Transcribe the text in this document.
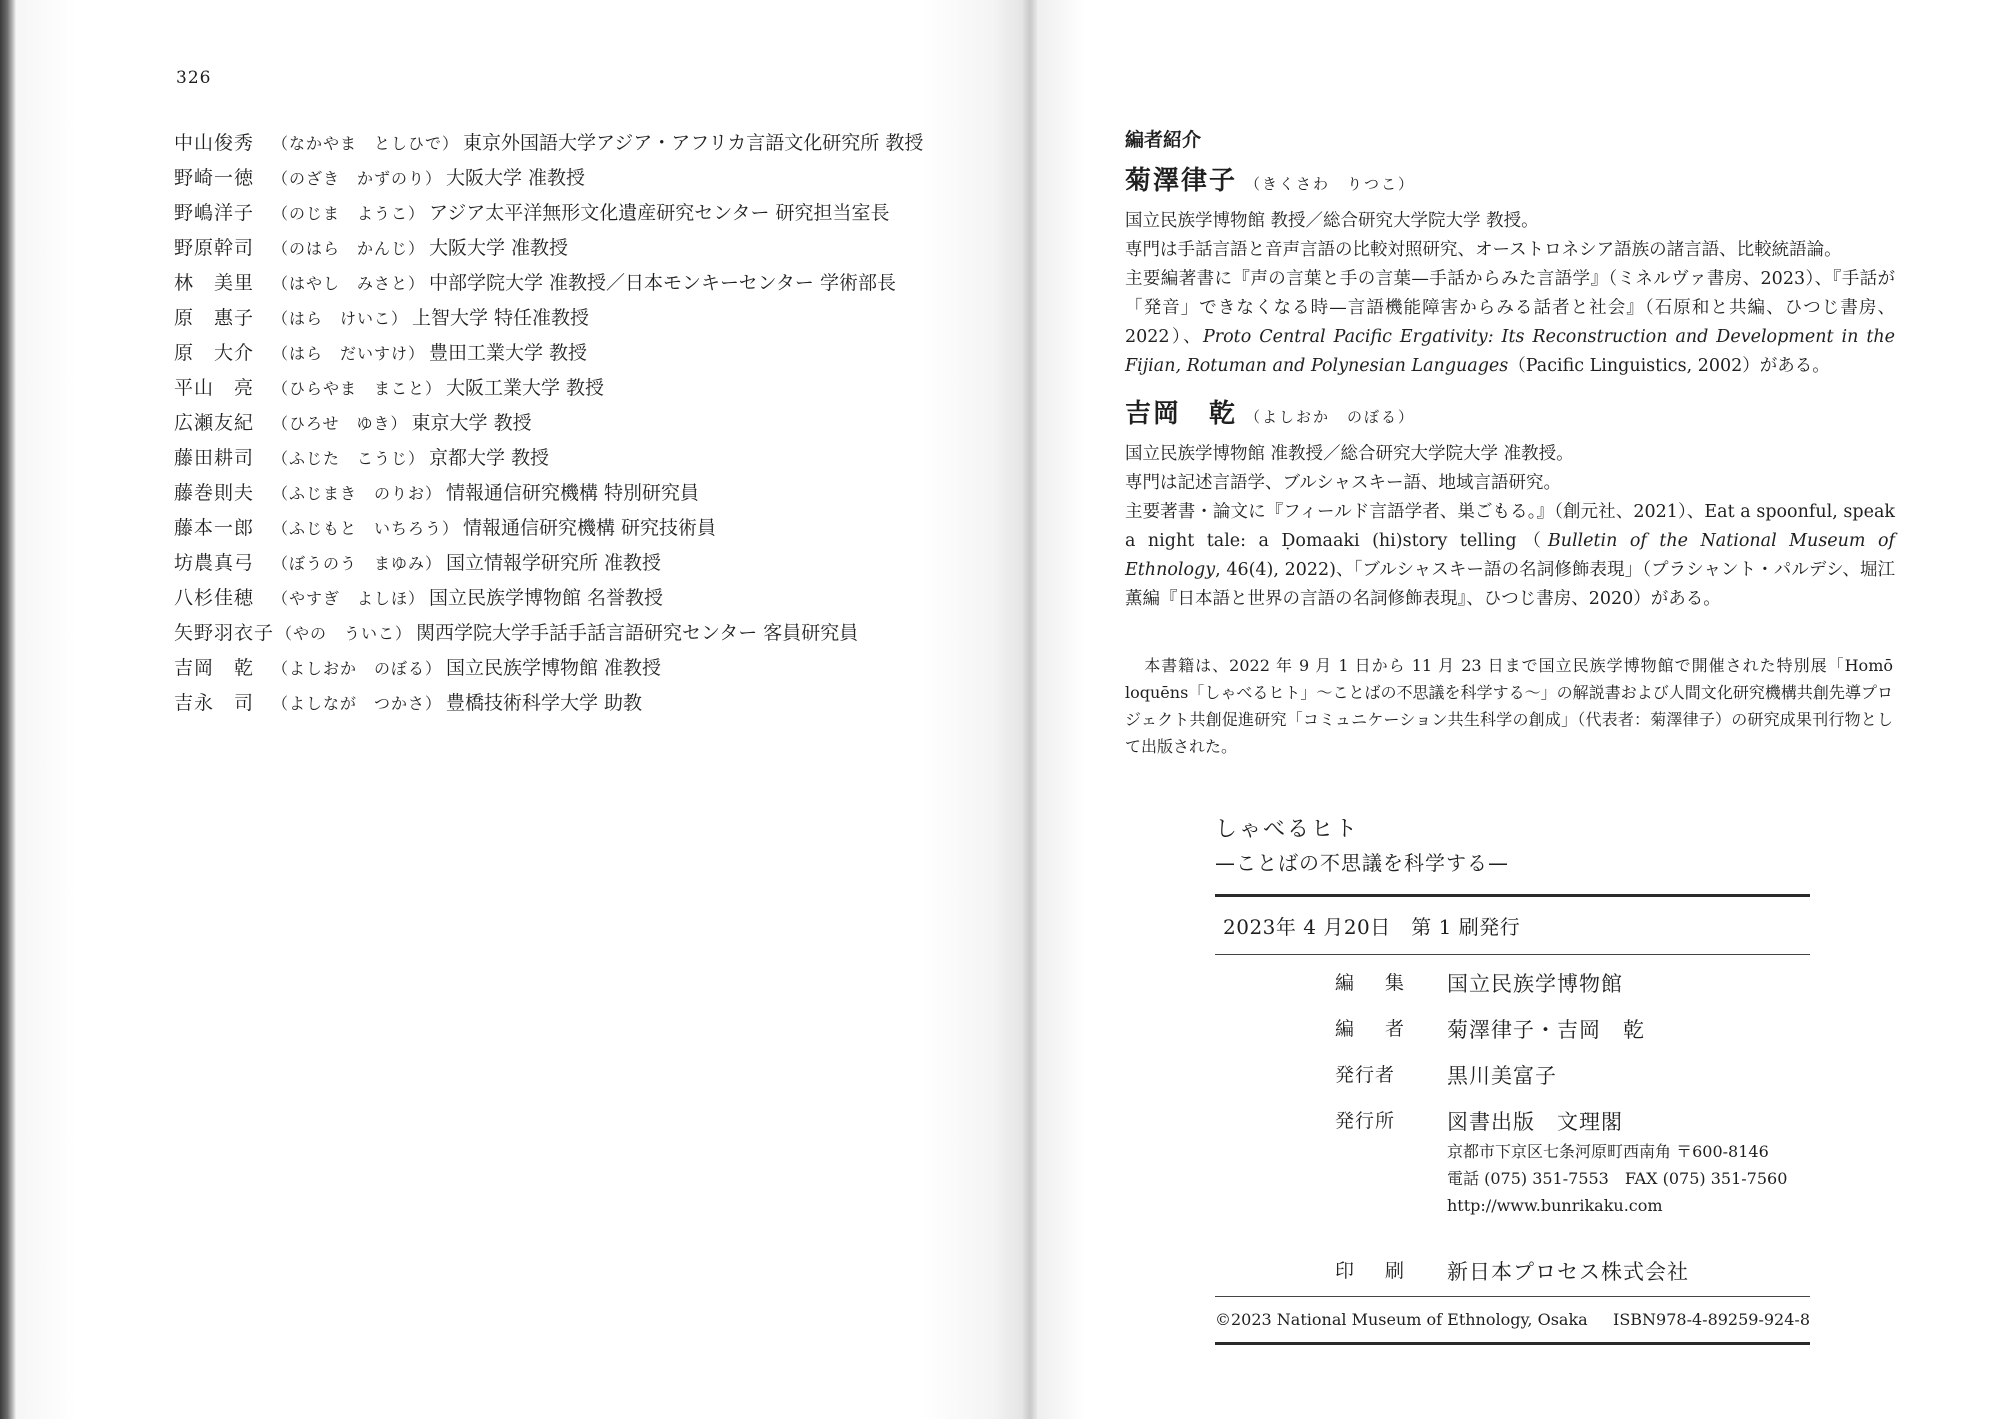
326
中山俊秀 （なかやま　としひで） 東京外国語大学アジア・アフリカ言語文化研究所 教授
野崎一徳 （のざき　かずのり） 大阪大学 准教授
野嶋洋子 （のじま　ようこ） アジア太平洋無形文化遺産研究センター 研究担当室長
野原幹司 （のはら　かんじ） 大阪大学 准教授
林　美里 （はやし　みさと） 中部学院大学 准教授／日本モンキーセンター 学術部長
原　惠子 （はら　けいこ） 上智大学 特任准教授
原　大介 （はら　だいすけ） 豊田工業大学 教授
平山　亮 （ひらやま　まこと） 大阪工業大学 教授
広瀬友紀 （ひろせ　ゆき） 東京大学 教授
藤田耕司 （ふじた　こうじ） 京都大学 教授
藤巻則夫 （ふじまき　のりお） 情報通信研究機構 特別研究員
藤本一郎 （ふじもと　いちろう） 情報通信研究機構 研究技術員
坊農真弓 （ぼうのう　まゆみ） 国立情報学研究所 准教授
八杉佳穂 （やすぎ　よしほ） 国立民族学博物館 名誉教授
矢野羽衣子 （やの　ういこ） 関西学院大学手話手話言語研究センター 客員研究員
吉岡　乾 （よしおか　のぼる） 国立民族学博物館 准教授
吉永　司 （よしなが　つかさ） 豊橋技術科学大学 助教
編者紹介
菊澤律子 （きくさわ　りつこ）

国立民族学博物館 教授／総合研究大学院大学 教授。

専門は手話言語と音声言語の比較対照研究、オーストロネシア語族の諸言語、比較統語論。

主要編著書に『声の言葉と手の言葉—手話からみた言語学』（ミネルヴァ書房、2023）、『手話が「発音」できなくなる時—言語機能障害からみる話者と社会』（石原和と共編、ひつじ書房、2022）、Proto Central Pacific Ergativity: Its Reconstruction and Development in the Fijian, Rotuman and Polynesian Languages（Pacific Linguistics, 2002）がある。

吉岡　乾 （よしおか　のぼる）

国立民族学博物館 准教授／総合研究大学院大学 准教授。

専門は記述言語学、ブルシャスキー語、地域言語研究。

主要著書・論文に『フィールド言語学者、巣ごもる。』（創元社、2021）、Eat a spoonful, speak a night tale: a Ḍomaaki (hi)story telling（Bulletin of the National Museum of Ethnology, 46(4), 2022)、「ブルシャスキー語の名詞修飾表現」（プラシャント・パルデシ、堀江薫編『日本語と世界の言語の名詞修飾表現』、ひつじ書房、2020）がある。

本書籍は、2022 年 9 月 1 日から 11 月 23 日まで国立民族学博物館で開催された特別展「Homō loquēns「しゃべるヒト」～ことばの不思議を科学する～」の解説書および人間文化研究機構共創先導プロジェクト共創促進研究「コミュニケーション共生科学の創成」（代表者：菊澤律子）の研究成果刊行物として出版された。

しゃべるヒト
—ことばの不思議を科学する—
2023年 4 月20日　第 1 刷発行
編　集	国立民族学博物館
編　者	菊澤律子・吉岡　乾
発行者	黒川美富子
発行所	図書出版　文理閣
京都市下京区七条河原町西南角 〒600-8146
電話 (075) 351-7553　FAX (075) 351-7560
http://www.bunrikaku.com
印　刷	新日本プロセス株式会社
©2023 National Museum of Ethnology, Osaka ISBN978-4-89259-924-8
